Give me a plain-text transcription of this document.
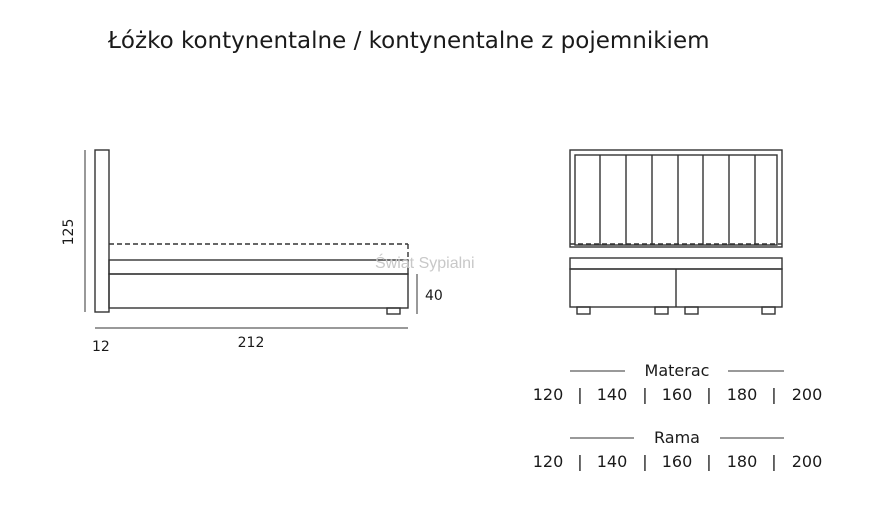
Łóżko kontynentalne / kontynentalne z pojemnikiem
125
212
40
12
Świat Sypialni
Materac
120 | 140 | 160 | 180 | 200
Rama
120 | 140 | 160 | 180 | 200
